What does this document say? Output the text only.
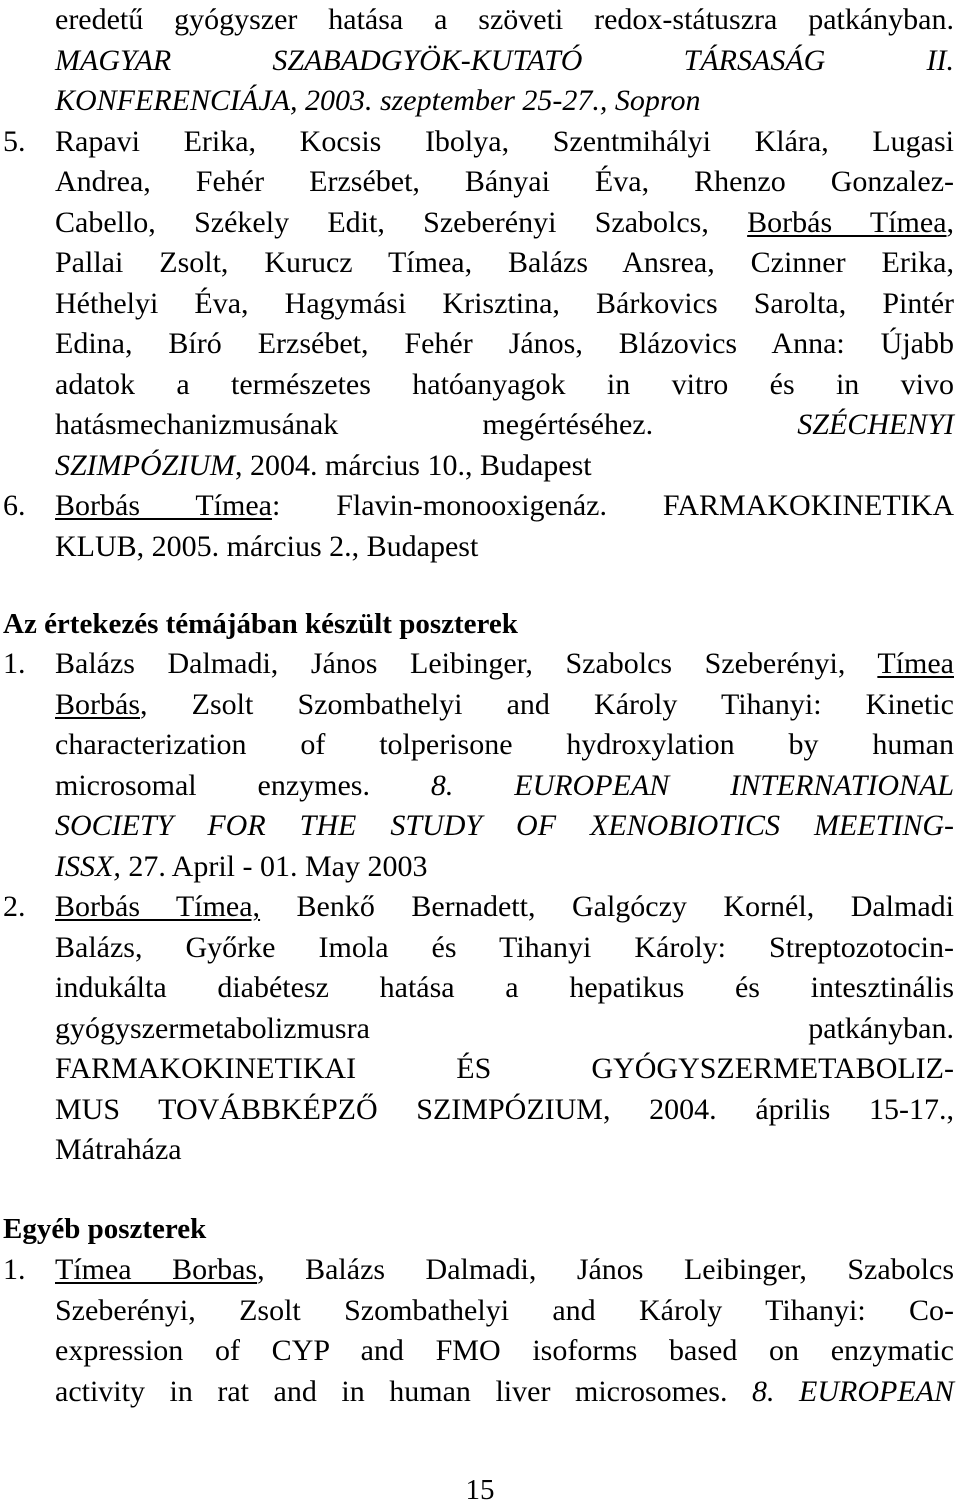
eredetű gyógyszer hatása a szöveti redox-státuszra patkányban.
MAGYAR SZABADGYÖK-KUTATÓ TÁRSASÁG II.
KONFERENCIÁJA, 2003. szeptember 25-27., Sopron
5. Rapavi Erika, Kocsis Ibolya, Szentmihályi Klára, Lugasi
Andrea, Fehér Erzsébet, Bányai Éva, Rhenzo Gonzalez-
Cabello, Székely Edit, Szeberényi Szabolcs, Borbás Tímea,
Pallai Zsolt, Kurucz Tímea, Balázs Ansrea, Czinner Erika,
Héthelyi Éva, Hagymási Krisztina, Bárkovics Sarolta, Pintér
Edina, Bíró Erzsébet, Fehér János, Blázovics Anna: Újabb
adatok a természetes hatóanyagok in vitro és in vivo
hatásmechanizmusának megértéséhez. SZÉCHENYI
SZIMPÓZIUM, 2004. március 10., Budapest
6. Borbás Tímea: Flavin-monooxigenáz. FARMAKOKINETIKA
KLUB, 2005. március 2., Budapest
Az értekezés témájában készült poszterek
1. Balázs Dalmadi, János Leibinger, Szabolcs Szeberényi, Tímea
Borbás, Zsolt Szombathelyi and Károly Tihanyi: Kinetic
characterization of tolperisone hydroxylation by human
microsomal enzymes. 8. EUROPEAN INTERNATIONAL
SOCIETY FOR THE STUDY OF XENOBIOTICS MEETING-
ISSX, 27. April - 01. May 2003
2. Borbás Tímea, Benkő Bernadett, Galgóczy Kornél, Dalmadi
Balázs, Győrke Imola és Tihanyi Károly: Streptozotocin-
indukálta diabétesz hatása a hepatikus és intesztinális
gyógyszermetabolizmusra patkányban.
FARMAKOKINETIKAI ÉS GYÓGYSZERMETABOLIZ-
MUS TOVÁBBKÉPZŐ SZIMPÓZIUM, 2004. április 15-17.,
Mátraháza
Egyéb poszterek
1. Tímea Borbas, Balázs Dalmadi, János Leibinger, Szabolcs
Szeberényi, Zsolt Szombathelyi and Károly Tihanyi: Co-
expression of CYP and FMO isoforms based on enzymatic
activity in rat and in human liver microsomes. 8. EUROPEAN
15
